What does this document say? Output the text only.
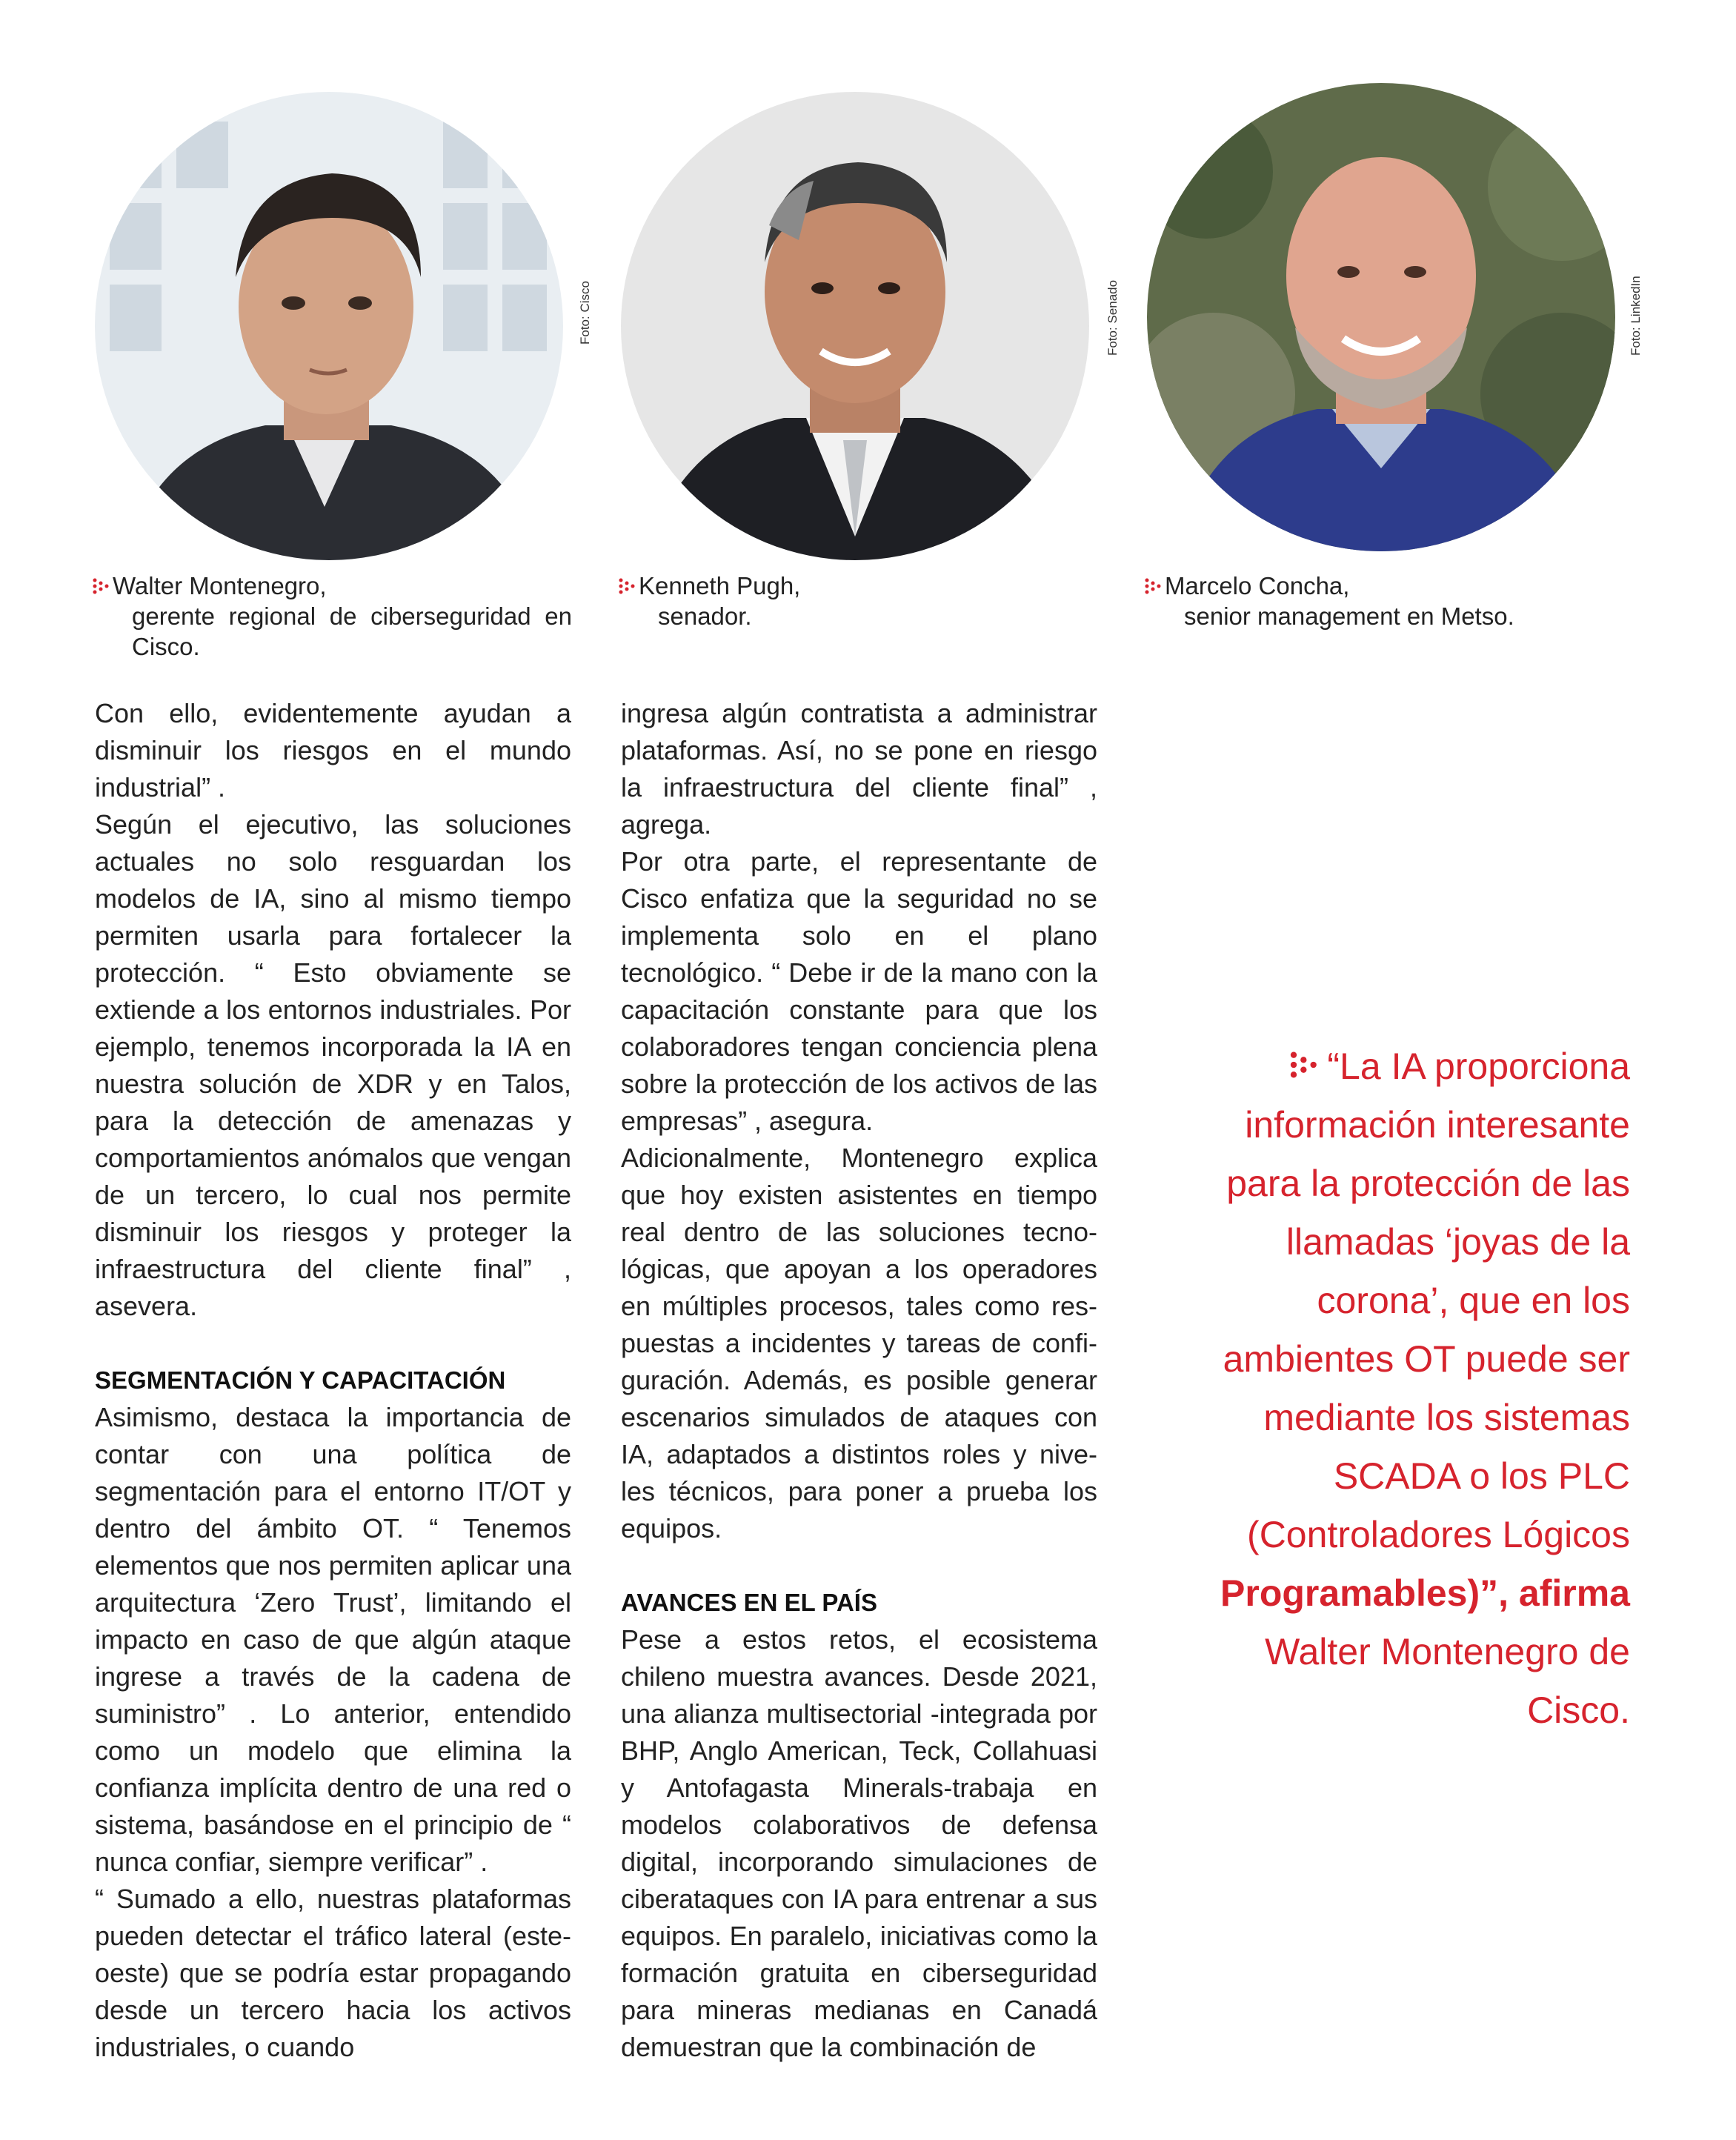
Foto: Cisco	Foto: Senado	Foto: LinkedIn
Walter Montenegro,
gerente regional de ciberseguridad en Cisco.
Kenneth Pugh,
senador.
Marcelo Concha,
senior management en Metso.

Con ello, evidentemente ayudan a disminuir los riesgos en el mundo industrial” .

Según el ejecutivo, las soluciones actuales no solo resguardan los modelos de IA, sino al mismo tiempo permiten usarla para fortalecer la protección. “ Esto obviamente se extiende a los entornos industriales. Por ejemplo, tenemos incorporada la IA en nuestra solución de XDR y en Talos, para la detección de amenazas y comportamientos anómalos que vengan de un tercero, lo cual nos permite disminuir los riesgos y proteger la infraestructura del cliente final” , asevera.

SEGMENTACIÓN Y CAPACITACIÓN

Asimismo, destaca la importancia de contar con una política de segmentación para el entorno IT/OT y dentro del ámbito OT. “ Tenemos elementos que nos permiten aplicar una arquitectura ‘Zero Trust’, limitando el impacto en caso de que algún ataque ingrese a través de la cadena de suministro” . Lo anterior, entendido como un modelo que elimina la confianza implícita dentro de una red o sistema, basándose en el principio de “ nunca confiar, siempre verificar” .

“ Sumado a ello, nuestras plataformas pueden detectar el tráfico lateral (este-oeste) que se podría estar propagando desde un tercero hacia los activos industriales, o cuando

ingresa algún contratista a administrar plataformas. Así, no se pone en riesgo la infraestructura del cliente final” , agrega.

Por otra parte, el representante de Cisco enfatiza que la seguridad no se implementa solo en el plano tecnológico. “ Debe ir de la mano con la capacitación constante para que los colaboradores tengan conciencia plena sobre la protección de los activos de las empresas” , asegura.

Adicionalmente, Montenegro explica que hoy existen asistentes en tiempo real dentro de las soluciones tecno-lógicas, que apoyan a los operadores en múltiples procesos, tales como res-puestas a incidentes y tareas de confi-guración. Además, es posible generar escenarios simulados de ataques con IA, adaptados a distintos roles y nive-les técnicos, para poner a prueba los equipos.

AVANCES EN EL PAÍS

Pese a estos retos, el ecosistema chileno muestra avances. Desde 2021, una alianza multisectorial -integrada por BHP, Anglo American, Teck, Collahuasi y Antofagasta Minerals-trabaja en modelos colaborativos de defensa digital, incorporando simulaciones de ciberataques con IA para entrenar a sus equipos. En paralelo, iniciativas como la formación gratuita en ciberseguridad para mineras medianas en Canadá demuestran que la combinación de

“La IA proporciona información interesante para la protección de las llamadas ‘joyas de la corona’, que en los ambientes OT puede ser mediante los sistemas SCADA o los PLC (Controladores Lógicos Programables)”, afirma Walter Montenegro de Cisco.
